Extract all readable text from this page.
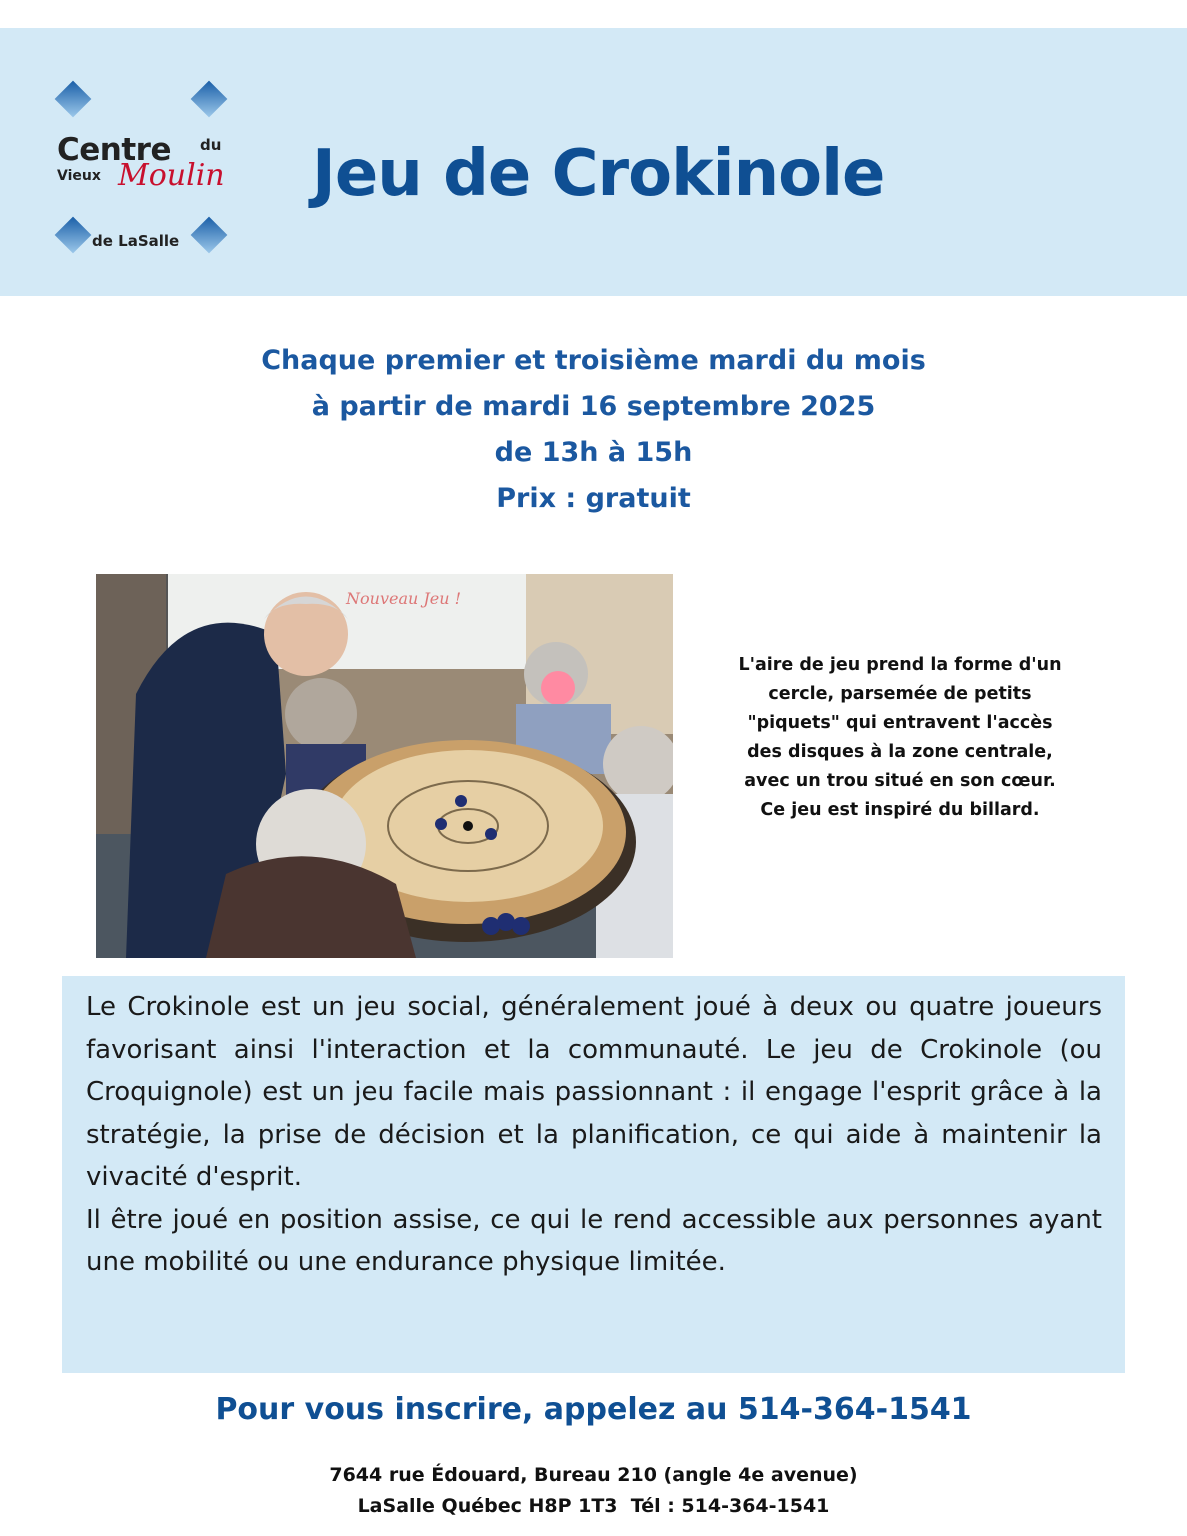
Centre du
Vieux Moulin
de LaSalle
Jeu de Crokinole
Chaque premier et troisième mardi du mois
à partir de mardi 16 septembre 2025
de 13h à 15h
Prix : gratuit
Nouveau Jeu !
L'aire de jeu prend la forme d'un
cercle, parsemée de petits
"piquets" qui entravent l'accès
des disques à la zone centrale,
avec un trou situé en son cœur.
Ce jeu est inspiré du billard.

Le Crokinole est un jeu social, généralement joué à deux ou quatre joueurs favorisant ainsi l'interaction et la communauté. Le jeu de Crokinole (ou Croquignole) est un jeu facile mais passionnant : il engage l'esprit grâce à la stratégie, la prise de décision et la planification, ce qui aide à maintenir la vivacité d'esprit.

Il être joué en position assise, ce qui le rend accessible aux personnes ayant une mobilité ou une endurance physique limitée.

Pour vous inscrire, appelez au 514-364-1541
7644 rue Édouard, Bureau 210 (angle 4e avenue)
LaSalle Québec H8P 1T3  Tél : 514-364-1541
